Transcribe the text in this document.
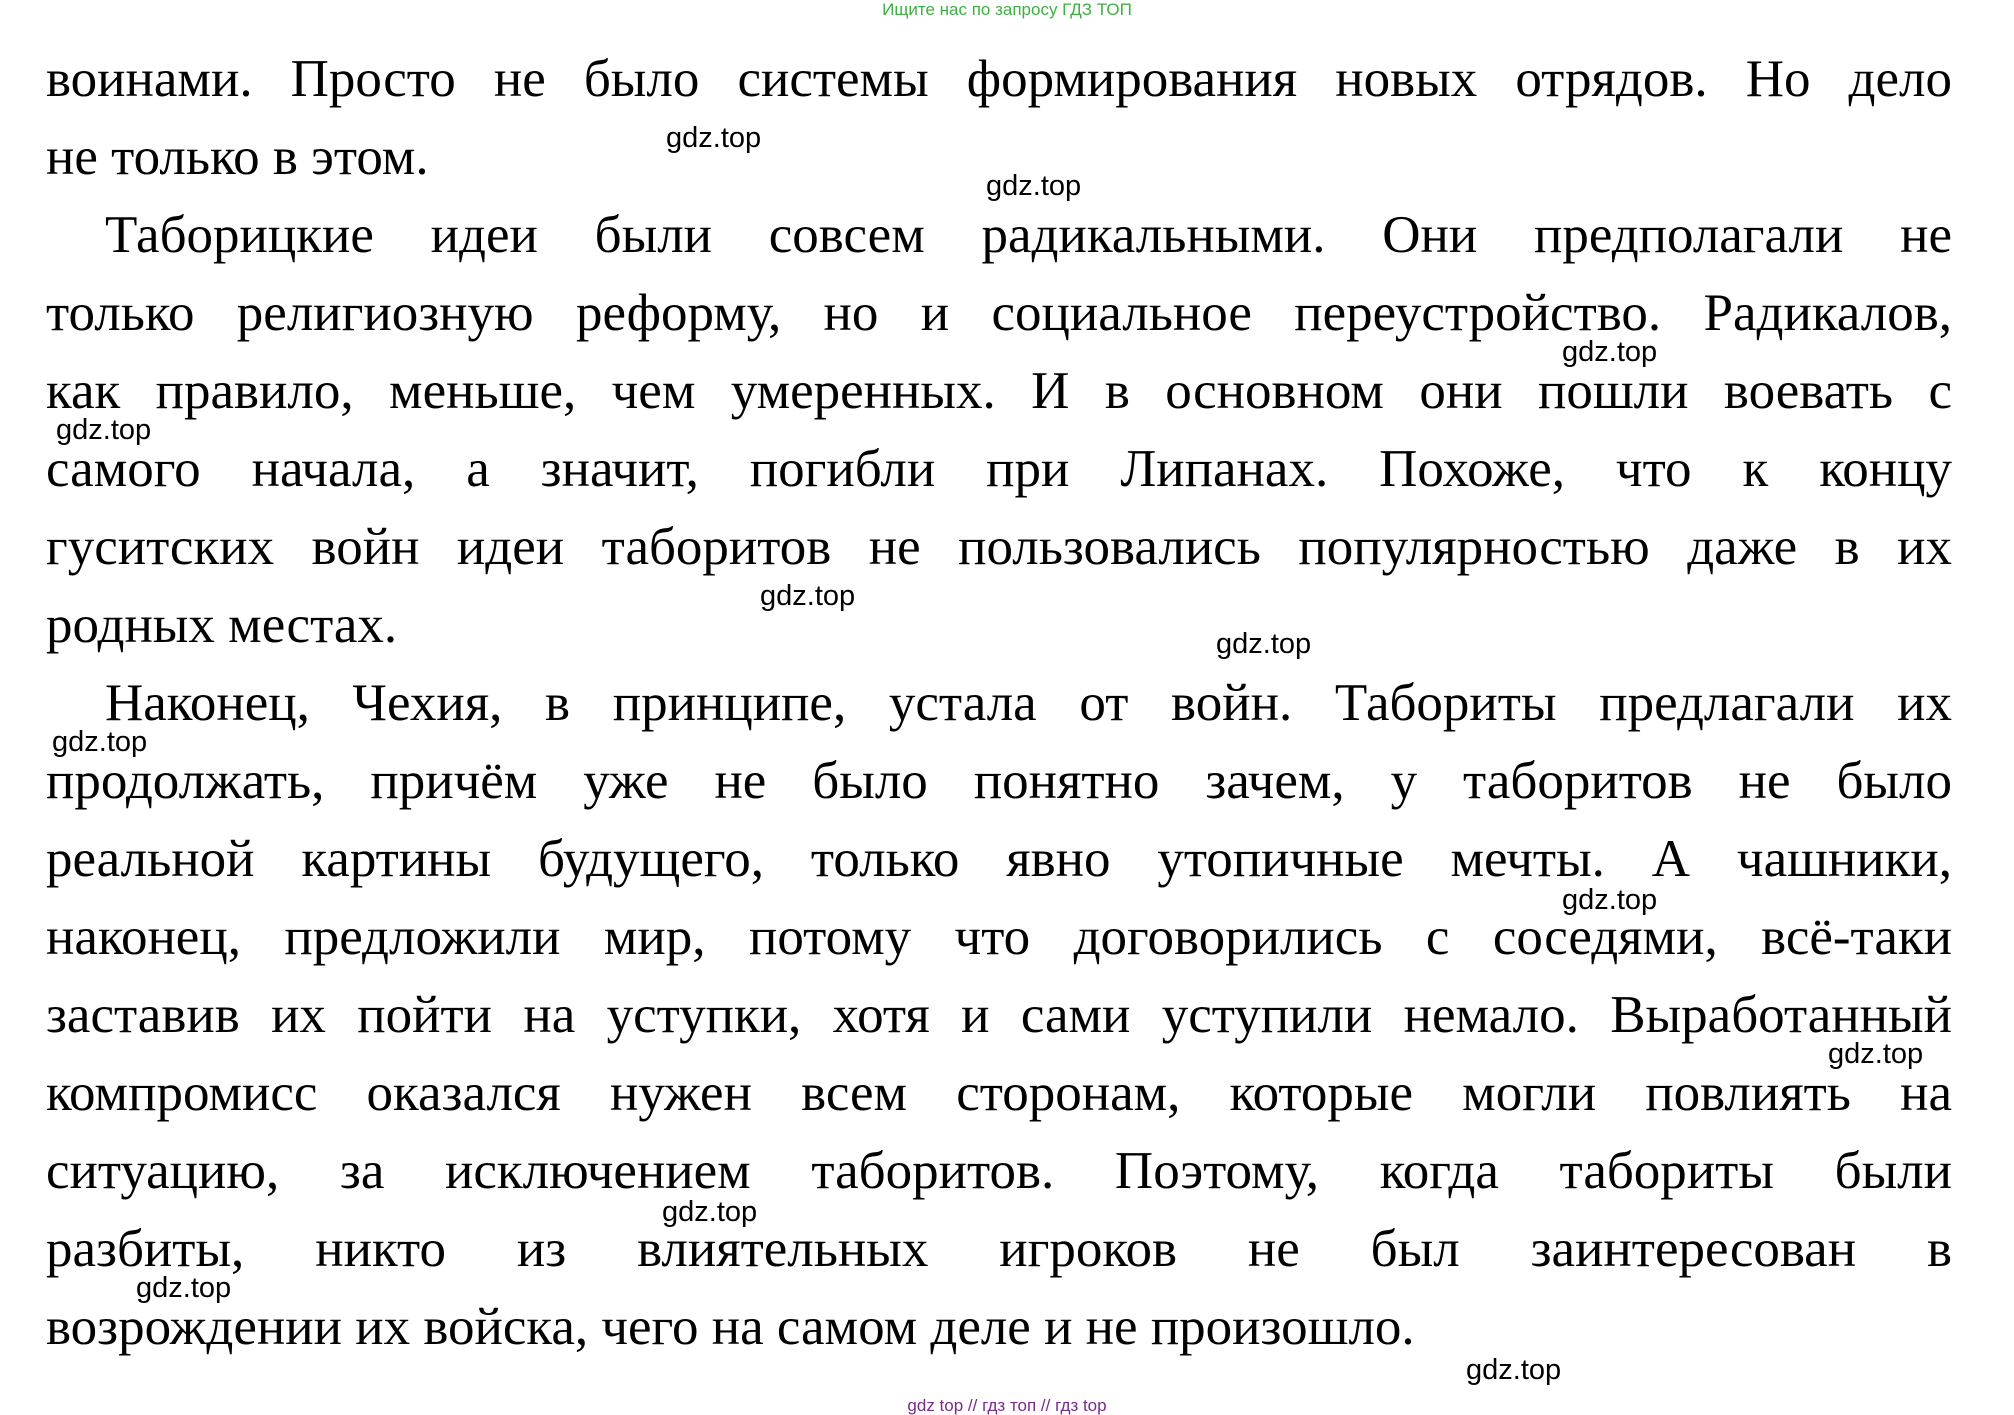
Ищите нас по запросу ГДЗ ТОП
воинами. Просто не было системы формирования новых отрядов. Но дело
не только в этом.
Таборицкие идеи были совсем радикальными. Они предполагали не
только религиозную реформу, но и социальное переустройство. Радикалов,
как правило, меньше, чем умеренных. И в основном они пошли воевать с
самого начала, а значит, погибли при Липанах. Похоже, что к концу
гуситских войн идеи таборитов не пользовались популярностью даже в их
родных местах.
Наконец, Чехия, в принципе, устала от войн. Табориты предлагали их
продолжать, причём уже не было понятно зачем, у таборитов не было
реальной картины будущего, только явно утопичные мечты. А чашники,
наконец, предложили мир, потому что договорились с соседями, всё-таки
заставив их пойти на уступки, хотя и сами уступили немало. Выработанный
компромисс оказался нужен всем сторонам, которые могли повлиять на
ситуацию, за исключением таборитов. Поэтому, когда табориты были
разбиты, никто из влиятельных игроков не был заинтересован в
возрождении их войска, чего на самом деле и не произошло.
gdz.top
gdz.top
gdz.top
gdz.top
gdz.top
gdz.top
gdz.top
gdz.top
gdz.top
gdz.top
gdz.top
gdz.top
gdz top // гдз топ // гдз top
